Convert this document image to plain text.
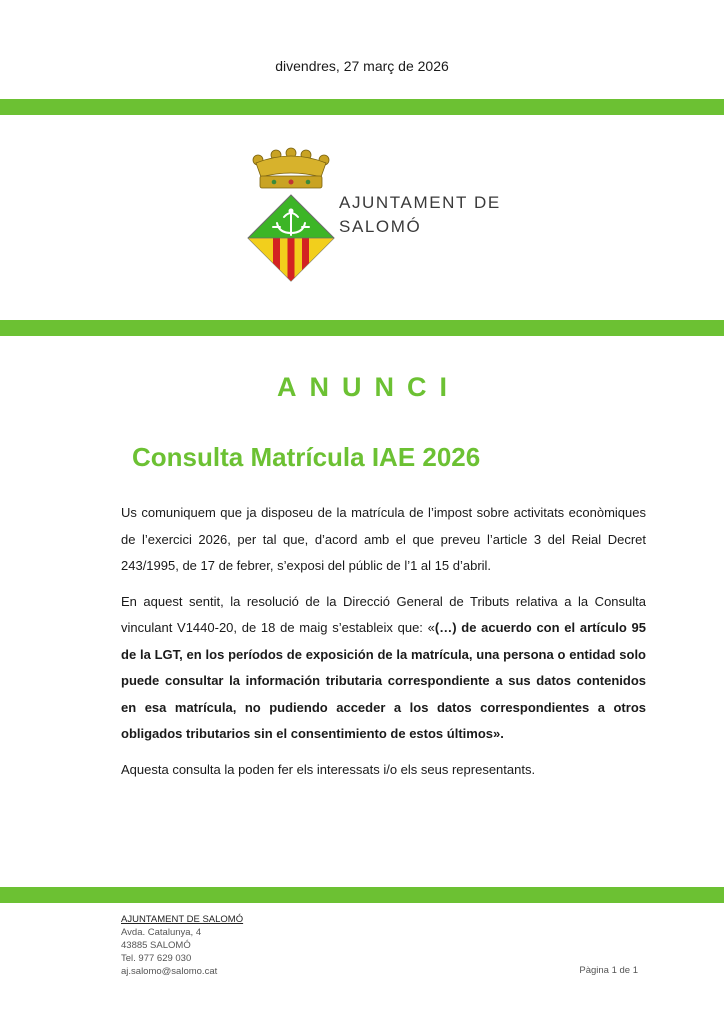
divendres, 27 març de 2026
AJUNTAMENT DE
SALOMÓ
ANUNCI
Consulta Matrícula IAE 2026

Us comuniquem que ja disposeu de la matrícula de l’impost sobre activitats econòmiques de l’exercici 2026, per tal que, d’acord amb el que preveu l’article 3 del Reial Decret 243/1995, de 17 de febrer, s’exposi del públic de l’1 al 15 d’abril.

En aquest sentit, la resolució de la Direcció General de Tributs relativa a la Consulta vinculant V1440-20, de 18 de maig s’estableix que: «(…) de acuerdo con el artículo 95 de la LGT, en los períodos de exposición de la matrícula, una persona o entidad solo puede consultar la información tributaria correspondiente a sus datos contenidos en esa matrícula, no pudiendo acceder a los datos correspondientes a otros obligados tributarios sin el consentimiento de estos últimos».

Aquesta consulta la poden fer els interessats i/o els seus representants.

AJUNTAMENT DE SALOMÓ
Avda. Catalunya, 4
43885 SALOMÓ
Tel. 977 629 030
aj.salomo@salomo.cat	Pàgina 1 de 1
